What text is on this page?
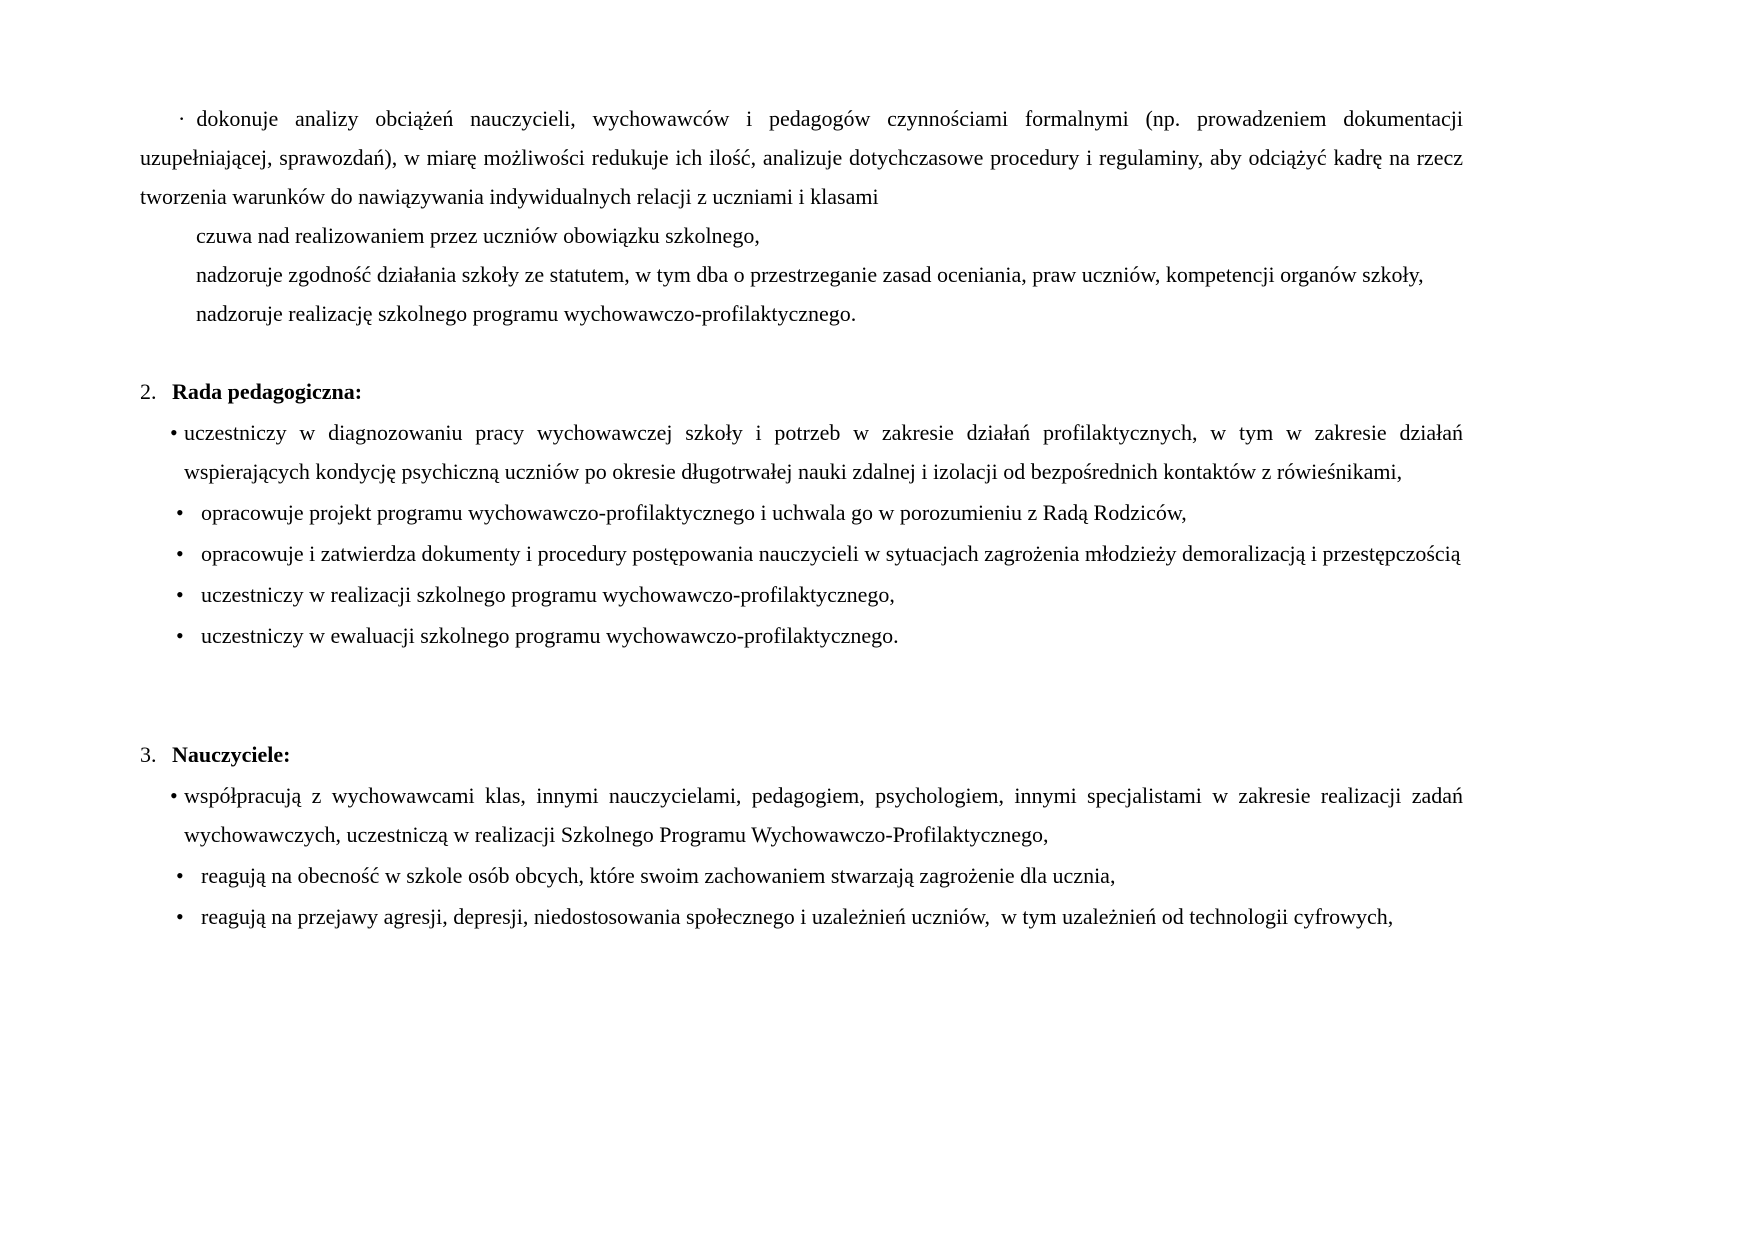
· dokonuje analizy obciążeń nauczycieli, wychowawców i pedagogów czynnościami formalnymi (np. prowadzeniem dokumentacji uzupełniającej, sprawozdań), w miarę możliwości redukuje ich ilość, analizuje dotychczasowe procedury i regulaminy, aby odciążyć kadrę na rzecz tworzenia warunków do nawiązywania indywidualnych relacji z uczniami i klasami

czuwa nad realizowaniem przez uczniów obowiązku szkolnego,
nadzoruje zgodność działania szkoły ze statutem, w tym dba o przestrzeganie zasad oceniania, praw uczniów, kompetencji organów szkoły,
nadzoruje realizację szkolnego programu wychowawczo-profilaktycznego.
2. Rada pedagogiczna:
• uczestniczy w diagnozowaniu pracy wychowawczej szkoły i potrzeb w zakresie działań profilaktycznych, w tym w zakresie działań wspierających kondycję psychiczną uczniów po okresie długotrwałej nauki zdalnej i izolacji od bezpośrednich kontaktów z rówieśnikami,
• opracowuje projekt programu wychowawczo-profilaktycznego i uchwala go w porozumieniu z Radą Rodziców,
• opracowuje i zatwierdza dokumenty i procedury postępowania nauczycieli w sytuacjach zagrożenia młodzieży demoralizacją i przestępczością
• uczestniczy w realizacji szkolnego programu wychowawczo-profilaktycznego,
• uczestniczy w ewaluacji szkolnego programu wychowawczo-profilaktycznego.
3. Nauczyciele:
• współpracują z wychowawcami klas, innymi nauczycielami, pedagogiem, psychologiem, innymi specjalistami w zakresie realizacji zadań wychowawczych, uczestniczą w realizacji Szkolnego Programu Wychowawczo-Profilaktycznego,
• reagują na obecność w szkole osób obcych, które swoim zachowaniem stwarzają zagrożenie dla ucznia,
• reagują na przejawy agresji, depresji, niedostosowania społecznego i uzależnień uczniów,  w tym uzależnień od technologii cyfrowych,
